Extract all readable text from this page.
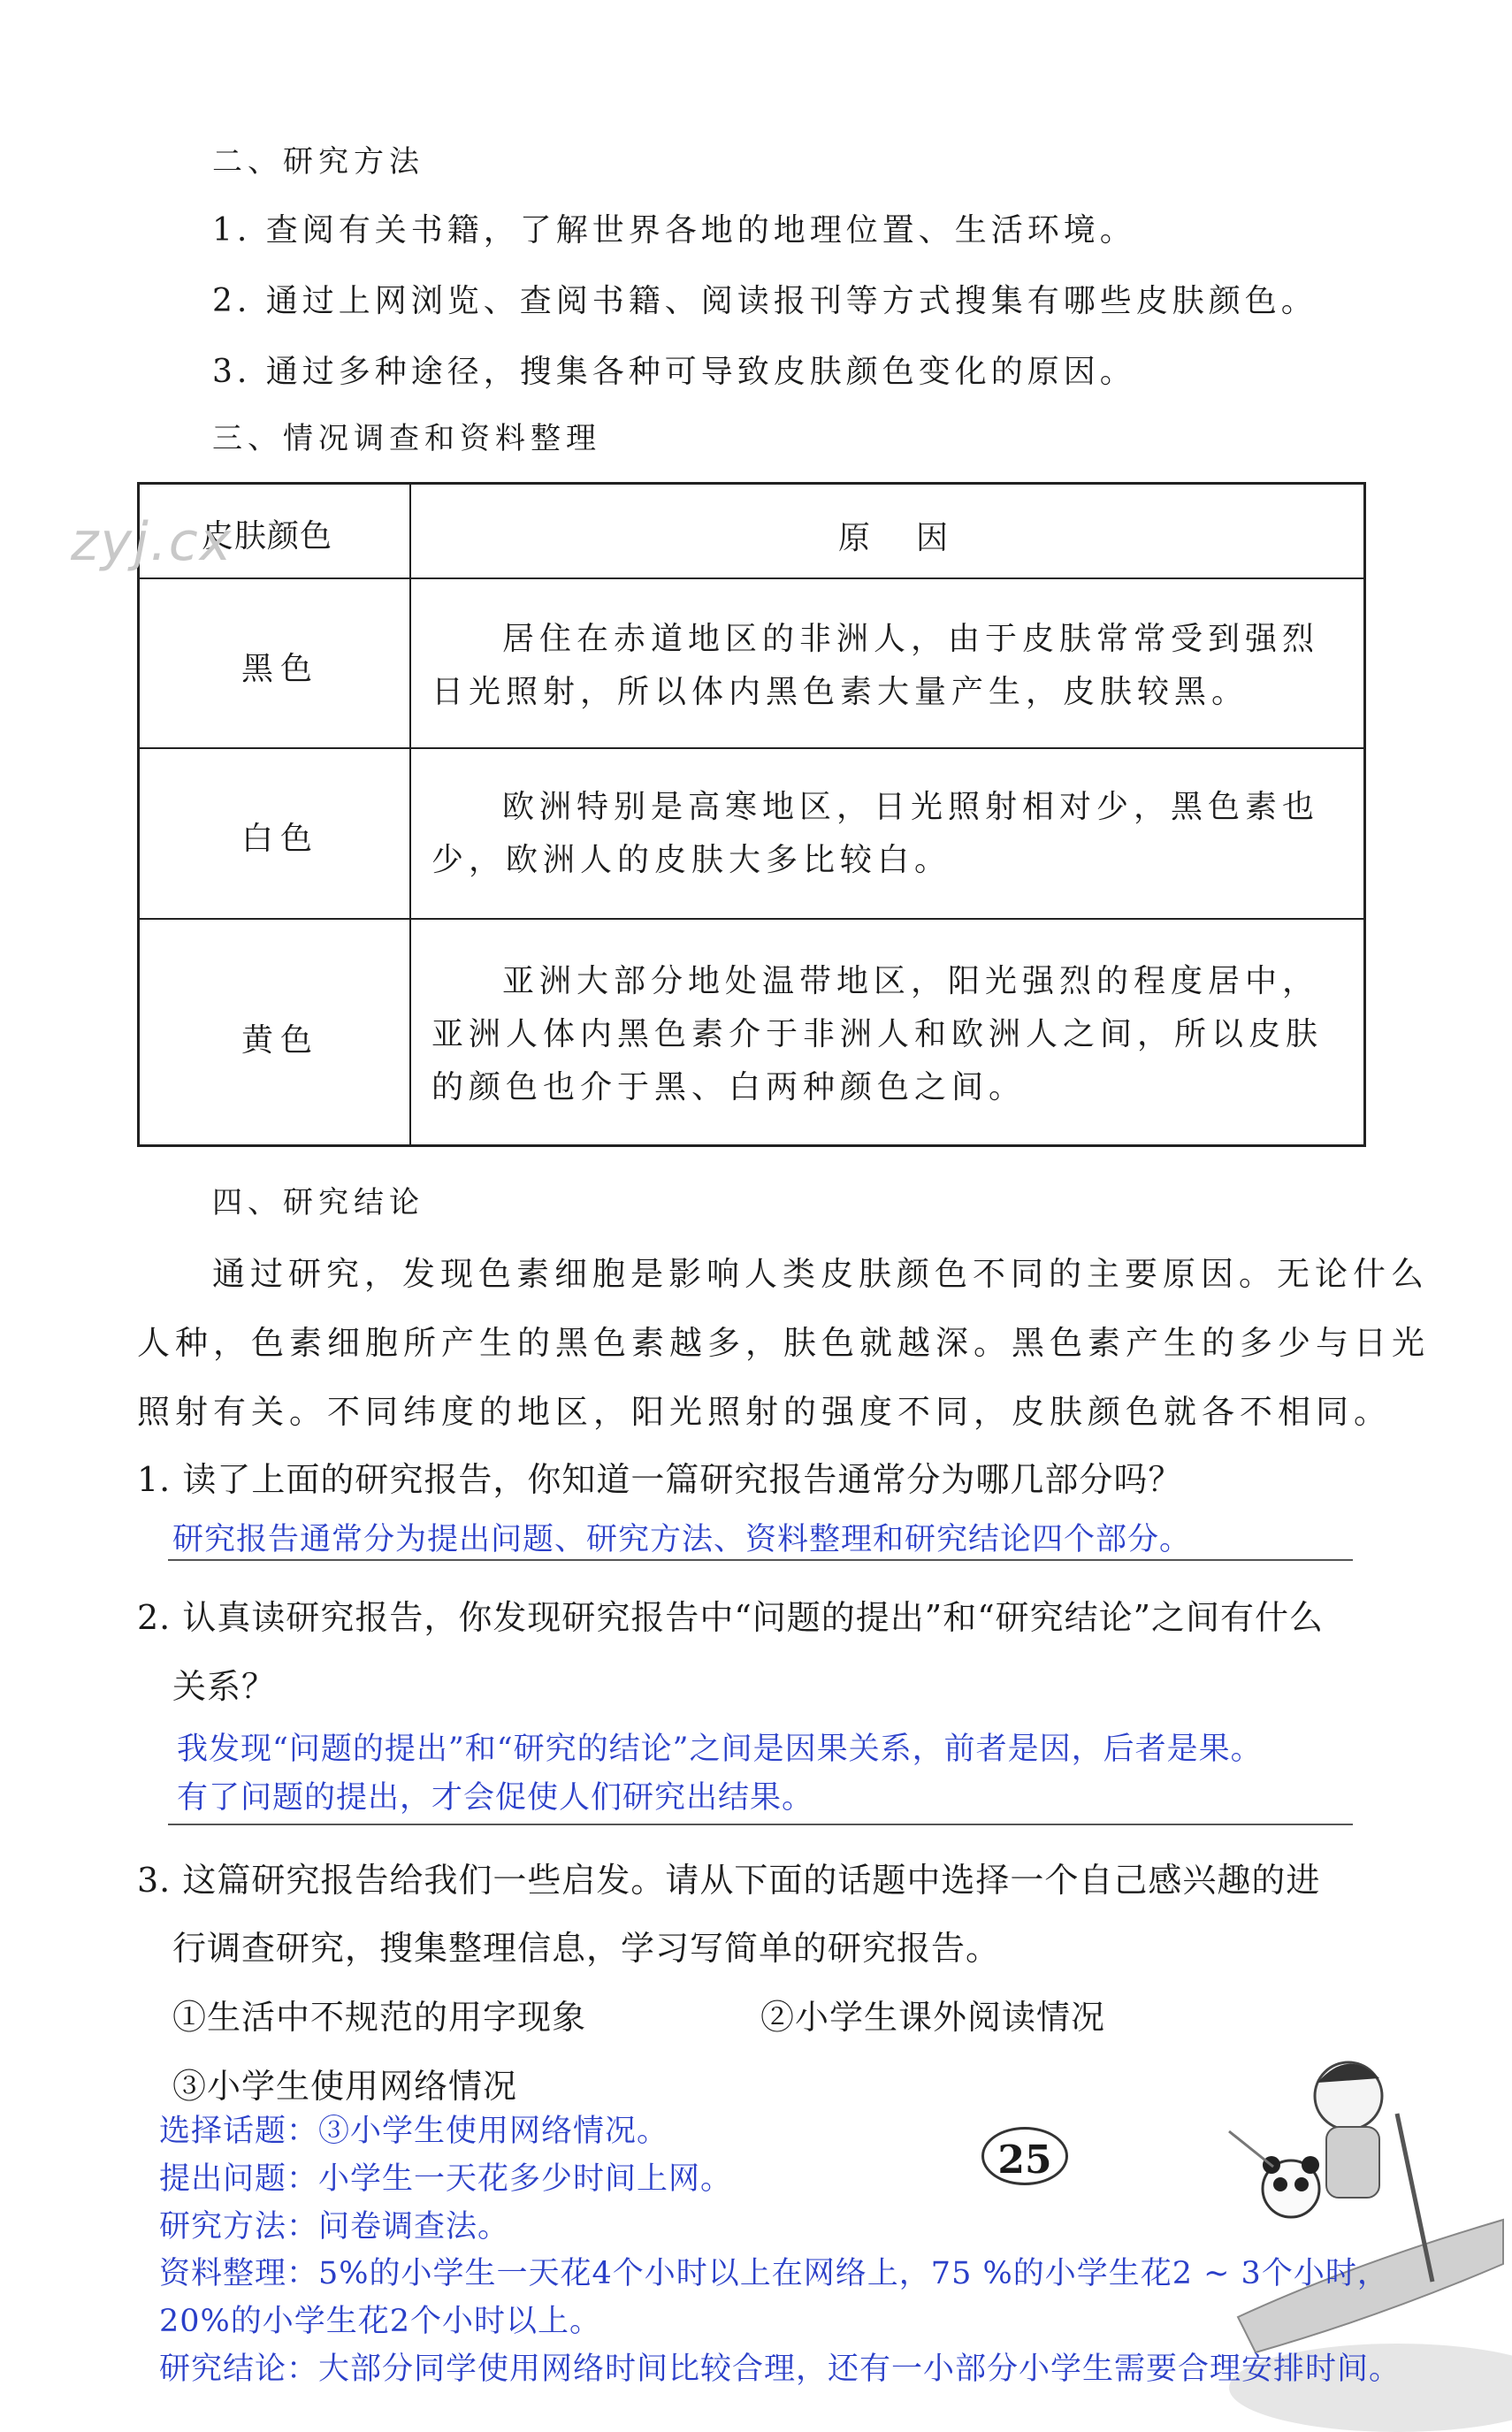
二、研究方法
1. 查阅有关书籍，了解世界各地的地理位置、生活环境。
2. 通过上网浏览、查阅书籍、阅读报刊等方式搜集有哪些皮肤颜色。
3. 通过多种途径，搜集各种可导致皮肤颜色变化的原因。
三、情况调查和资料整理
皮肤颜色	原　因
黑色
居住在赤道地区的非洲人，由于皮肤常常受到强烈日光照射，所以体内黑色素大量产生，皮肤较黑。
白色
欧洲特别是高寒地区，日光照射相对少，黑色素也少，欧洲人的皮肤大多比较白。
黄色
亚洲大部分地处温带地区，阳光强烈的程度居中，亚洲人体内黑色素介于非洲人和欧洲人之间，所以皮肤的颜色也介于黑、白两种颜色之间。
zyj.cx
四、研究结论
通过研究，发现色素细胞是影响人类皮肤颜色不同的主要原因。无论什么
人种，色素细胞所产生的黑色素越多，肤色就越深。黑色素产生的多少与日光
照射有关。不同纬度的地区，阳光照射的强度不同，皮肤颜色就各不相同。
1. 读了上面的研究报告，你知道一篇研究报告通常分为哪几部分吗？
研究报告通常分为提出问题、研究方法、资料整理和研究结论四个部分。
2. 认真读研究报告，你发现研究报告中“问题的提出”和“研究结论”之间有什么
关系？
我发现“问题的提出”和“研究的结论”之间是因果关系，前者是因，后者是果。
有了问题的提出，才会促使人们研究出结果。
3. 这篇研究报告给我们一些启发。请从下面的话题中选择一个自己感兴趣的进
行调查研究，搜集整理信息，学习写简单的研究报告。
①生活中不规范的用字现象	②小学生课外阅读情况
③小学生使用网络情况
25
选择话题：③小学生使用网络情况。
提出问题：小学生一天花多少时间上网。
研究方法：问卷调查法。
资料整理：5%的小学生一天花4个小时以上在网络上，75 %的小学生花2 ~ 3个小时，
20%的小学生花2个小时以上。
研究结论：大部分同学使用网络时间比较合理，还有一小部分小学生需要合理安排时间。
